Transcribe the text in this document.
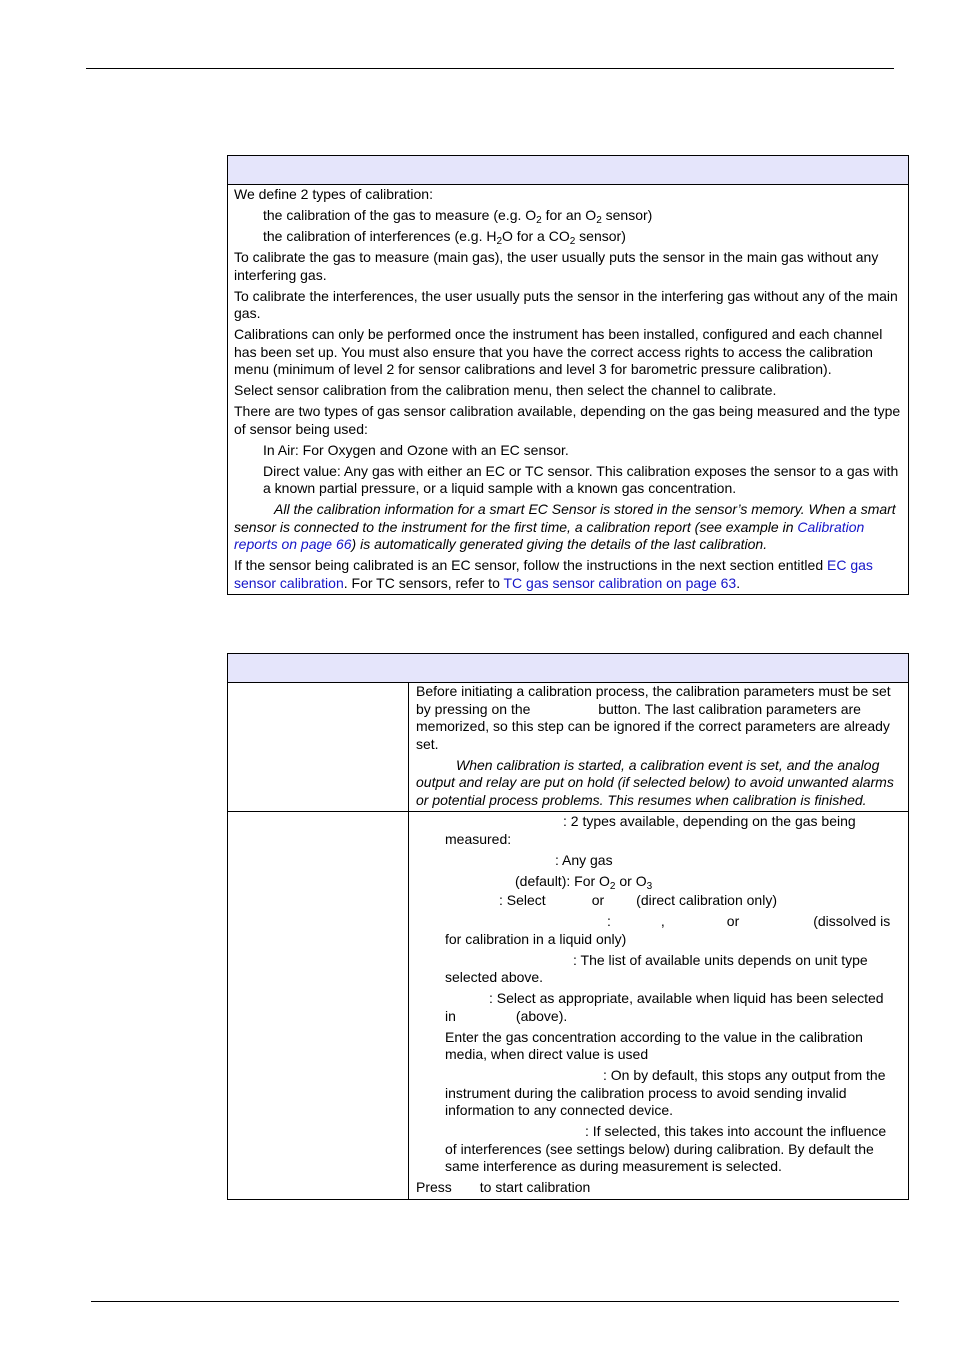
We define 2 types of calibration:

the calibration of the gas to measure (e.g. $O_2$ for an $O_2$ sensor)

the calibration of interferences (e.g. $H_2O$ for a $CO_2$ sensor)

To calibrate the gas to measure (main gas), the user usually puts the sensor in the main gas without any interfering gas.

To calibrate the interferences, the user usually puts the sensor in the interfering gas without any of the main gas.

Calibrations can only be performed once the instrument has been installed, configured and each channel has been set up. You must also ensure that you have the correct access rights to access the calibration menu (minimum of level 2 for sensor calibrations and level 3 for barometric pressure calibration).

Select sensor calibration from the calibration menu, then select the channel to calibrate.

There are two types of gas sensor calibration available, depending on the gas being measured and the type of sensor being used:

In Air: For Oxygen and Ozone with an EC sensor.

Direct value: Any gas with either an EC or TC sensor. This calibration exposes the sensor to a gas with a known partial pressure, or a liquid sample with a known gas concentration.

All the calibration information for a smart EC Sensor is stored in the sensor’s memory. When a smart sensor is connected to the instrument for the first time, a calibration report (see example in Calibration reports on page 66) is automatically generated giving the details of the last calibration.

If the sensor being calibrated is an EC sensor, follow the instructions in the next section entitled EC gas sensor calibration. For TC sensors, refer to TC gas sensor calibration on page 63.

Before initiating a calibration process, the calibration parameters must be set by pressing on the	button. The last calibration parameters are memorized, so this step can be ignored if the correct parameters are already set.

When calibration is started, a calibration event is set, and the analog output and relay are put on hold (if selected below) to avoid unwanted alarms or potential process problems. This resumes when calibration is finished.

: 2 types available, depending on the gas being
measured:

: Any gas

(default): For $O_2$ or $O_3$

: Select	or (direct calibration only)

:	,	or	(dissolved is
for calibration in a liquid only)

: The list of available units depends on unit type
selected above.

: Select as appropriate, available when liquid has been selected
in	(above).

Enter the gas concentration according to the value in the calibration media, when direct value is used

: On by default, this stops any output from the
instrument during the calibration process to avoid sending invalid information to any connected device.

: If selected, this takes into account the influence
of interferences (see settings below) during calibration. By default the same interference as during measurement is selected.

Press to start calibration
